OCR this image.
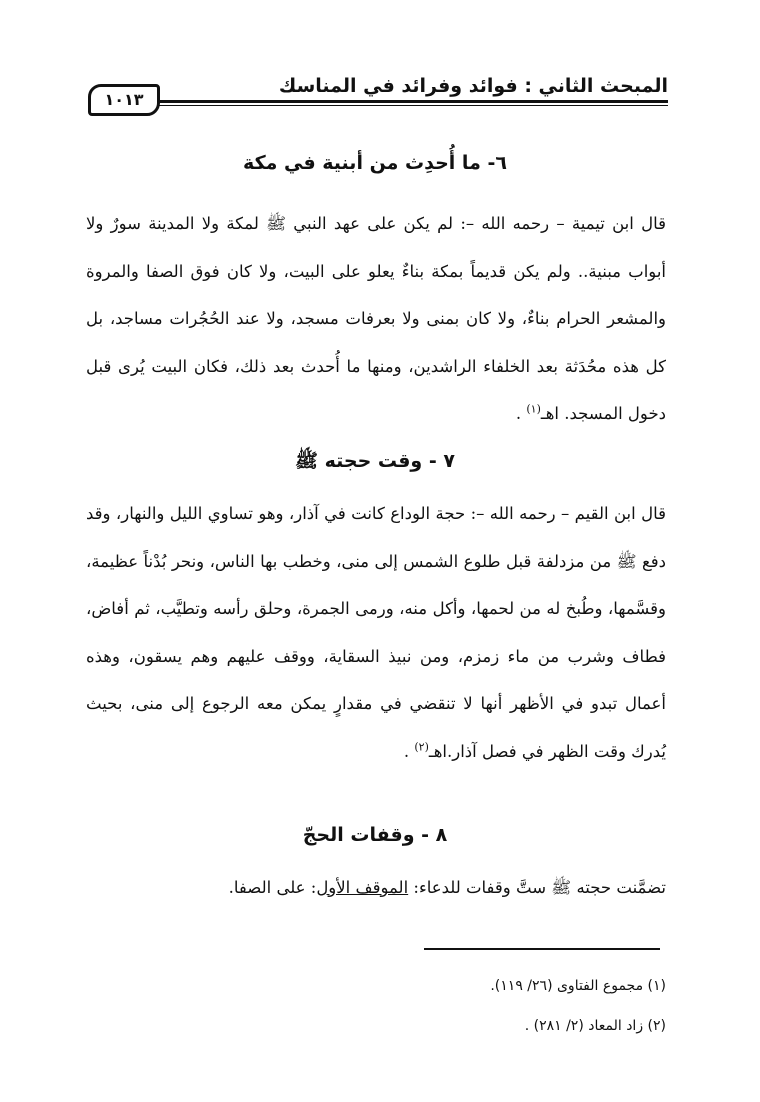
المبحث الثاني : فوائد وفرائد في المناسك
١٠١٣
٦- ما أُحدِث من أبنية في مكة
قال ابن تيمية – رحمه الله –: لم يكن على عهد النبي ﷺ لمكة ولا المدينة سورٌ ولا أبواب مبنية.. ولم يكن قديماً بمكة بناءٌ يعلو على البيت، ولا كان فوق الصفا والمروة والمشعر الحرام بناءٌ، ولا كان بمنى ولا بعرفات مسجد، ولا عند الحُجُرات مساجد، بل كل هذه محُدَثة بعد الخلفاء الراشدين، ومنها ما أُحدث بعد ذلك، فكان البيت يُرى قبل دخول المسجد. اهـ$^{(١)}$ .
٧ - وقت حجته ﷺ
قال ابن القيم – رحمه الله –: حجة الوداع كانت في آذار، وهو تساوي الليل والنهار، وقد دفع ﷺ من مزدلفة قبل طلوع الشمس إلى منى، وخطب بها الناس، ونحر بُدْناً عظيمة، وقسَّمها، وطُبخ له من لحمها، وأكل منه، ورمى الجمرة، وحلق رأسه وتطيَّب، ثم أفاض، فطاف وشرب من ماء زمزم، ومن نبيذ السقاية، ووقف عليهم وهم يسقون، وهذه أعمال تبدو في الأظهر أنها لا تنقضي في مقدارٍ يمكن معه الرجوع إلى منى، بحيث يُدرك وقت الظهر في فصل آذار.اهـ$^{(٢)}$ .
٨ - وقفات الحجّ
تضمَّنت حجته ﷺ ستَّ وقفات للدعاء: الموقف الأول: على الصفا.
(١) مجموع الفتاوى (٢٦/ ١١٩).
(٢) زاد المعاد (٢/ ٢٨١) .
